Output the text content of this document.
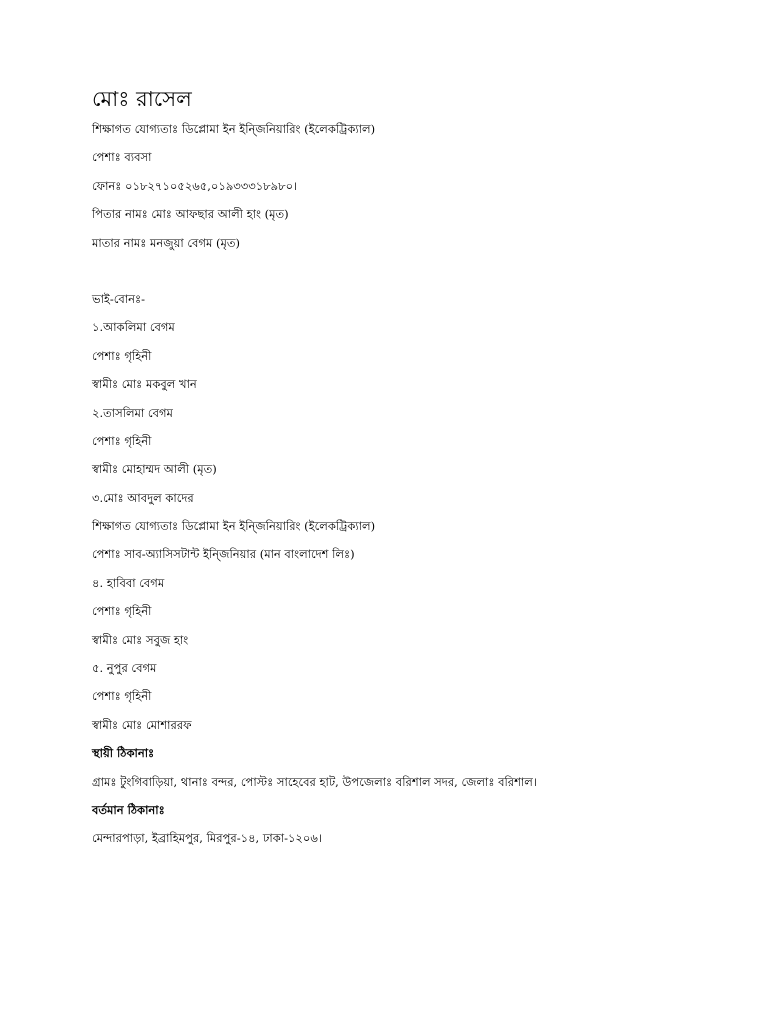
মোঃ রাসেল
শিক্ষাগত যোগ্যতাঃ ডিপ্লোমা ইন ইন্জিনিয়ারিং (ইলেকট্রিক্যাল)
পেশাঃ ব্যবসা
ফোনঃ ০১৮২৭১০৫২৬৫,০১৯৩৩৩১৮৯৮০।
পিতার নামঃ মোঃ আফছার আলী হাং (মৃত)
মাতার নামঃ মনজুয়া বেগম (মৃত)
ভাই-বোনঃ-
১.আকলিমা বেগম
পেশাঃ গৃহিনী
স্বামীঃ মোঃ মকবুল খান
২.তাসলিমা বেগম
পেশাঃ গৃহিনী
স্বামীঃ মোহাম্মদ আলী (মৃত)
৩.মোঃ আবদুল কাদের
শিক্ষাগত যোগ্যতাঃ ডিপ্লোমা ইন ইন্জিনিয়ারিং (ইলেকট্রিক্যাল)
পেশাঃ সাব-অ্যাসিসটান্ট ইন্জিনিয়ার (মান বাংলাদেশ লিঃ)
৪. হাবিবা বেগম
পেশাঃ গৃহিনী
স্বামীঃ মোঃ সবুজ হাং
৫. নুপুর বেগম
পেশাঃ গৃহিনী
স্বামীঃ মোঃ মোশাররফ
স্থায়ী ঠিকানাঃ
গ্রামঃ টুংগিবাড়িয়া, থানাঃ বন্দর, পোস্টঃ সাহেবের হাট, উপজেলাঃ বরিশাল সদর, জেলাঃ বরিশাল।
বর্তমান ঠিকানাঃ
মেন্দারপাড়া, ইব্রাহিমপুর, মিরপুর-১৪, ঢাকা-১২০৬।
